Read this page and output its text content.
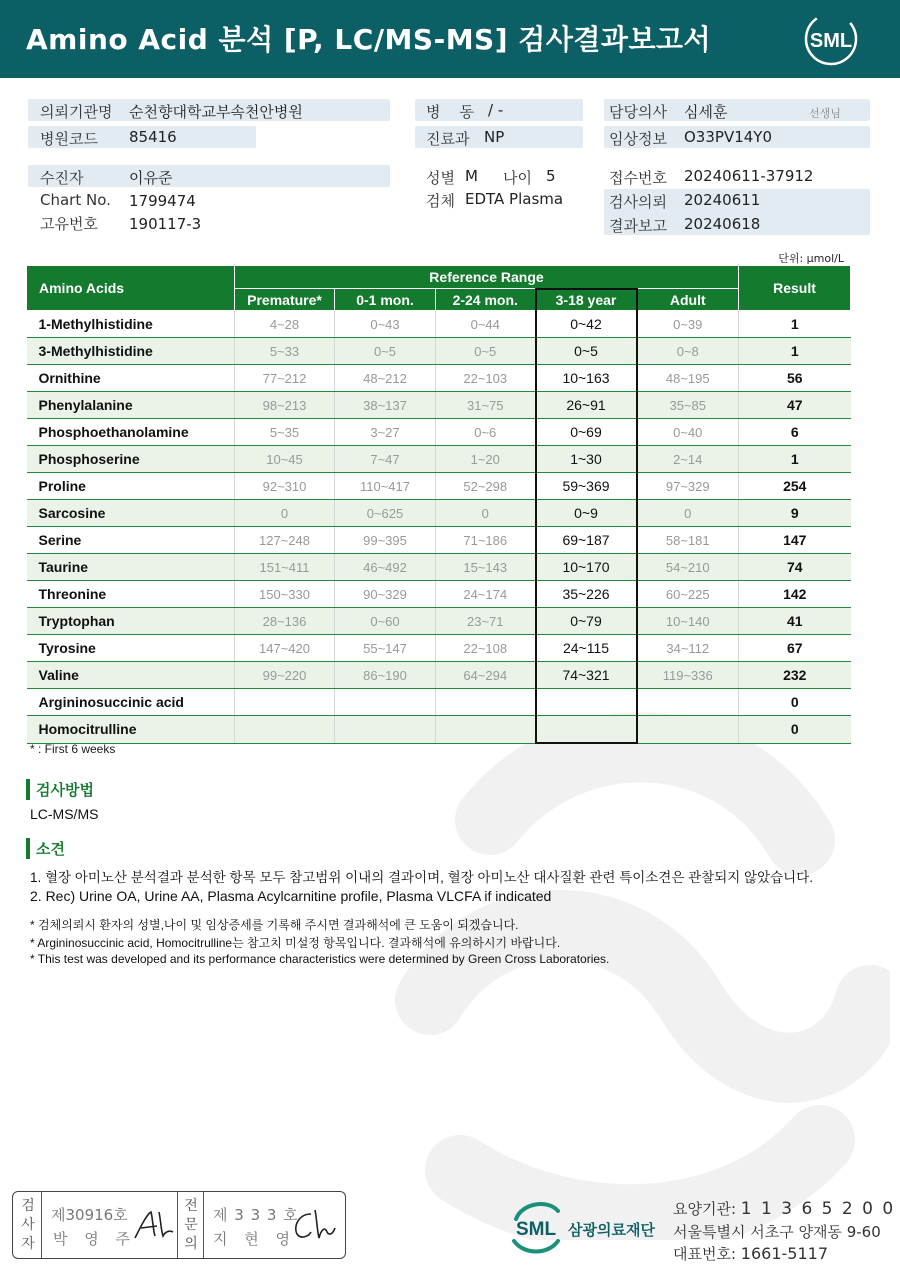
Amino Acid 분석 [P, LC/MS-MS] 검사결과보고서	SML
의뢰기관명 순천향대학교부속천안병원
병원코드 85416
병    동 / -
진료과 NP
담당의사 심세훈	선생님
임상정보 O33PV14Y0
수진자	이유준
Chart No. 1799474
고유번호 190117-3
성별 M 나이 5
검체 EDTA Plasma
접수번호 20240611-37912
검사의뢰 20240611
결과보고 20240618
단위: μmol/L
Amino Acids	Reference Range					Result
	Premature*	0-1 mon.	2-24 mon.	3-18 year	Adult	
1-Methylhistidine	4~28	0~43	0~44	0~42	0~39	1
3-Methylhistidine	5~33	0~5	0~5	0~5	0~8	1
Ornithine	77~212	48~212	22~103	10~163	48~195	56
Phenylalanine	98~213	38~137	31~75	26~91	35~85	47
Phosphoethanolamine	5~35	3~27	0~6	0~69	0~40	6
Phosphoserine	10~45	7~47	1~20	1~30	2~14	1
Proline	92~310	110~417	52~298	59~369	97~329	254
Sarcosine	0	0~625	0	0~9	0	9
Serine	127~248	99~395	71~186	69~187	58~181	147
Taurine	151~411	46~492	15~143	10~170	54~210	74
Threonine	150~330	90~329	24~174	35~226	60~225	142
Tryptophan	28~136	0~60	23~71	0~79	10~140	41
Tyrosine	147~420	55~147	22~108	24~115	34~112	67
Valine	99~220	86~190	64~294	74~321	119~336	232
Argininosuccinic acid						0
Homocitrulline						0
* : First 6 weeks
검사방법
LC-MS/MS
소견
1. 혈장 아미노산 분석결과 분석한 항목 모두 참고범위 이내의 결과이며, 혈장 아미노산 대사질환 관련 특이소견은 관찰되지 않았습니다.
2. Rec) Urine OA, Urine AA, Plasma Acylcarnitine profile, Plasma VLCFA if indicated
* 검체의뢰시 환자의 성별,나이 및 임상증세를 기록해 주시면 결과해석에 큰 도움이 되겠습니다.
* Argininosuccinic acid, Homocitrulline는 참고치 미설정 항목입니다. 결과해석에 유의하시기 바랍니다.
* This test was developed and its performance characteristics were determined by Green Cross Laboratories.
검
사
자
제30916호
박 영 주
전
문
의
제 3 3 3 호
지 현 영	SML 삼광의료재단
요양기관: 1 1 3 6 5 2 0 0
서울특별시 서초구 양재동 9-60
대표번호: 1661-5117
